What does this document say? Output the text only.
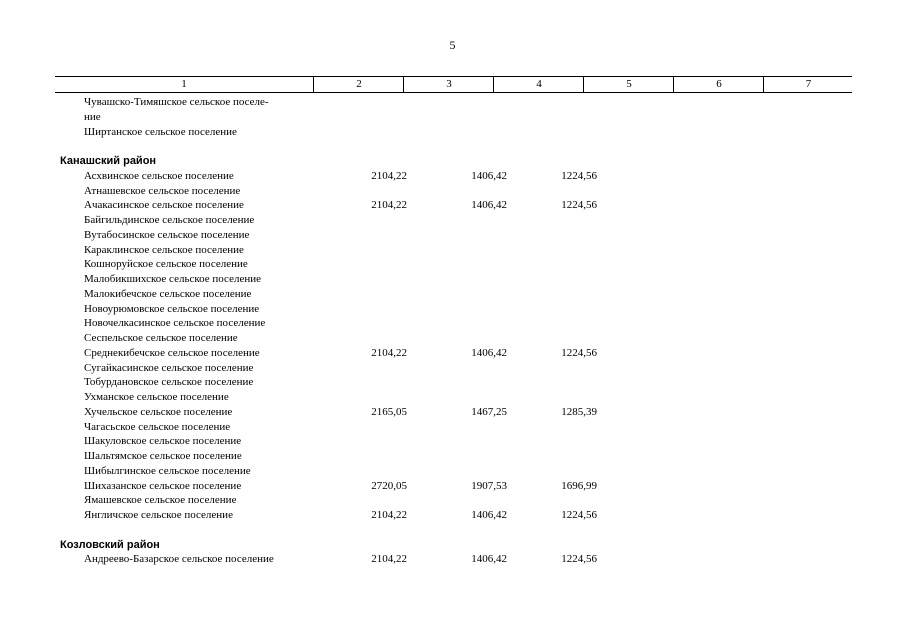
5
1	2	3	4	5	6	7
Чувашско-Тимяшское сельское поселе-
ние
Ширтанское сельское поселение
Канашский район
Асхвинское сельское поселение	2104,22	1406,42	1224,56
Атнашевское сельское поселение
Ачакасинское сельское поселение	2104,22	1406,42	1224,56
Байгильдинское сельское поселение
Вутабосинское сельское поселение
Караклинское сельское поселение
Кошноруйское сельское поселение
Малобикшихское сельское поселение
Малокибечское сельское поселение
Новоурюмовское сельское поселение
Новочелкасинское сельское поселение
Сеспельское сельское поселение
Среднекибечское сельское поселение	2104,22	1406,42	1224,56
Сугайкасинское сельское поселение
Тобурдановское сельское поселение
Ухманское сельское поселение
Хучельское сельское поселение	2165,05	1467,25	1285,39
Чагасьское сельское поселение
Шакуловское сельское поселение
Шальтямское сельское поселение
Шибылгинское сельское поселение
Шихазанское сельское поселение	2720,05	1907,53	1696,99
Ямашевское сельское поселение
Янгличское сельское поселение	2104,22	1406,42	1224,56
Козловский район
Андреево-Базарское сельское поселение	2104,22	1406,42	1224,56
